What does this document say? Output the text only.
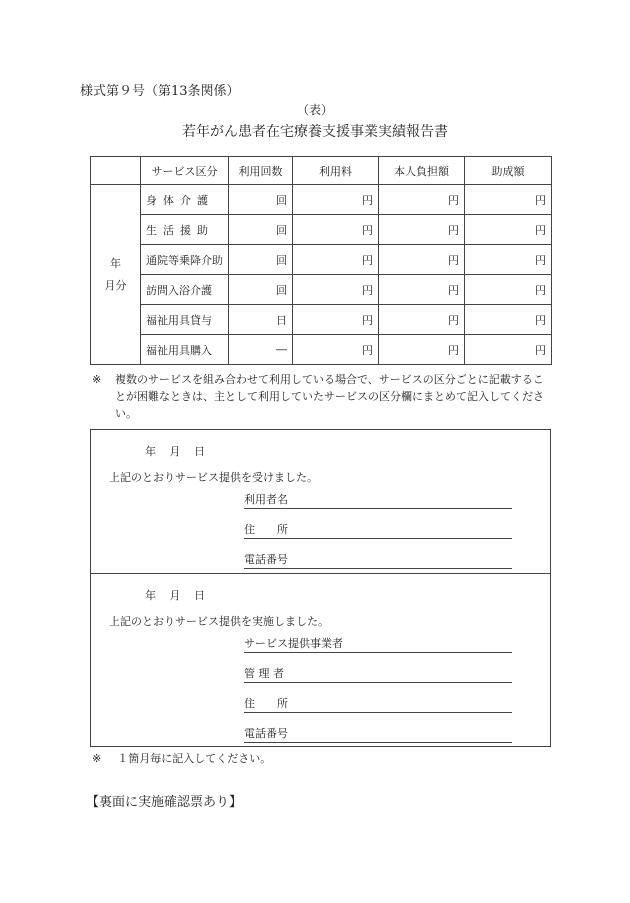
様式第９号（第13条関係）
（表）
若年がん患者在宅療養支援事業実績報告書
	サービス区分	利用回数	利用料	本人負担額	助成額

年
月分	身体介護	回	円	円	円
	生活援助	回	円	円	円
	通院等乗降介助	回	円	円	円
	訪問入浴介護	回	円	円	円
	福祉用具貸与	日	円	円	円
	福祉用具購入	―	円	円	円
※ 複数のサービスを組み合わせて利用している場合で、サービスの区分ごとに記載することが困難なときは、主として利用していたサービスの区分欄にまとめて記入してください。
年 月 日
上記のとおりサービス提供を受けました。
利用者名
住　　所
電話番号
年 月 日
上記のとおりサービス提供を実施しました。
サービス提供事業者
管 理 者
住　　所
電話番号
※ １箇月毎に記入してください。
【裏面に実施確認票あり】
